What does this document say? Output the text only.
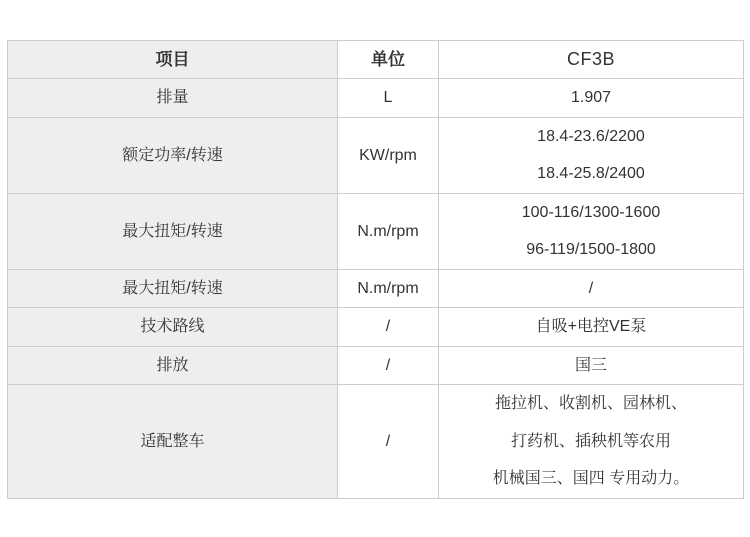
项目	单位	CF3B
排量	L	1.907

额定功率/转速	KW/rpm	18.4-23.6/2200
18.4-25.8/2400

最大扭矩/转速	N.m/rpm	100-116/1300-1600
96-119/1500-1800

最大扭矩/转速	N.m/rpm	/

技术路线	/	自吸+电控VE泵

排放	/	国三

适配整车	/	拖拉机、收割机、园林机、
打药机、插秧机等农用
机械国三、国四 专用动力。
